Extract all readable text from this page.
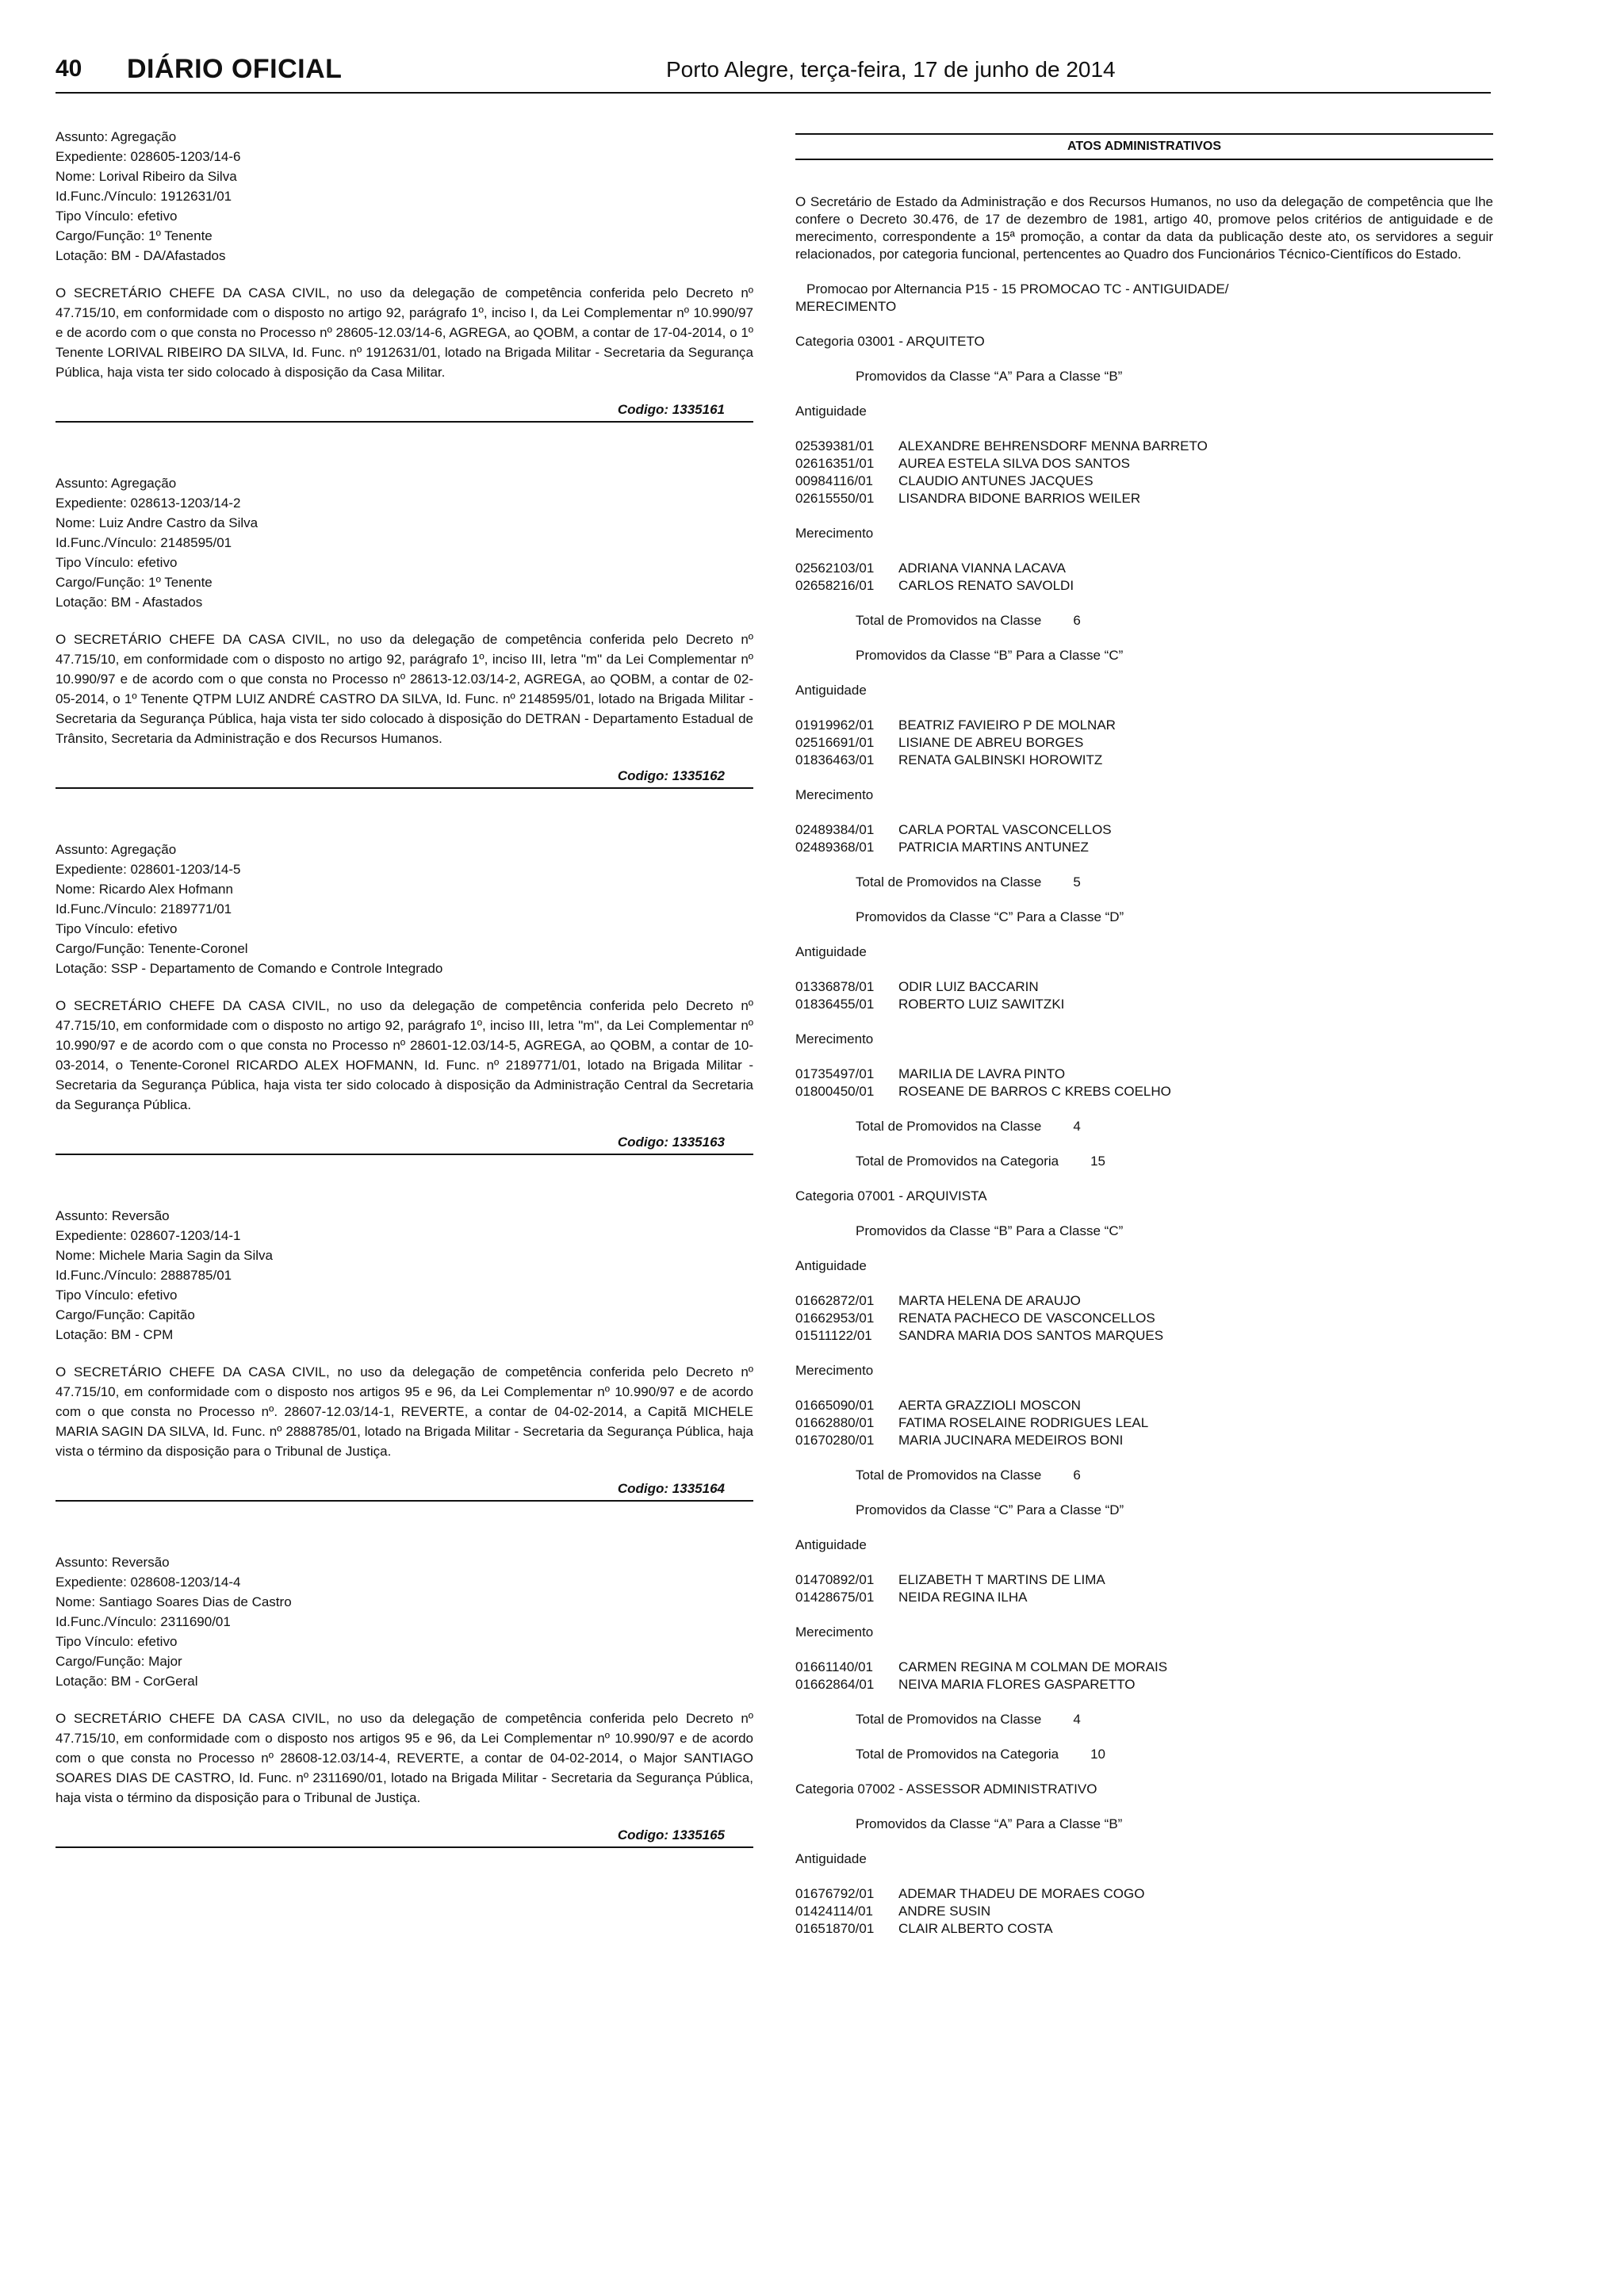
40 DIÁRIO OFICIAL	Porto Alegre, terça-feira, 17 de junho de 2014
Assunto: Agregação
Expediente: 028605-1203/14-6
Nome: Lorival Ribeiro da Silva
Id.Func./Vínculo: 1912631/01
Tipo Vínculo: efetivo
Cargo/Função: 1º Tenente
Lotação: BM - DA/Afastados
O SECRETÁRIO CHEFE DA CASA CIVIL, no uso da delegação de competência conferida pelo Decreto nº 47.715/10, em conformidade com o disposto no artigo 92, parágrafo 1º, inciso I, da Lei Complementar nº 10.990/97 e de acordo com o que consta no Processo nº 28605-12.03/14-6, AGREGA, ao QOBM, a contar de 17-04-2014, o 1º Tenente LORIVAL RIBEIRO DA SILVA, Id. Func. nº 1912631/01, lotado na Brigada Militar - Secretaria da Segurança Pública, haja vista ter sido colocado à disposição da Casa Militar.
Codigo: 1335161
Assunto: Agregação
Expediente: 028613-1203/14-2
Nome: Luiz Andre Castro da Silva
Id.Func./Vínculo: 2148595/01
Tipo Vínculo: efetivo
Cargo/Função: 1º Tenente
Lotação: BM - Afastados
O SECRETÁRIO CHEFE DA CASA CIVIL, no uso da delegação de competência conferida pelo Decreto nº 47.715/10, em conformidade com o disposto no artigo 92, parágrafo 1º, inciso III, letra "m" da Lei Complementar nº 10.990/97 e de acordo com o que consta no Processo nº 28613-12.03/14-2, AGREGA, ao QOBM, a contar de 02-05-2014, o 1º Tenente QTPM LUIZ ANDRÉ CASTRO DA SILVA, Id. Func. nº 2148595/01, lotado na Brigada Militar - Secretaria da Segurança Pública, haja vista ter sido colocado à disposição do DETRAN - Departamento Estadual de Trânsito, Secretaria da Administração e dos Recursos Humanos.
Codigo: 1335162
Assunto: Agregação
Expediente: 028601-1203/14-5
Nome: Ricardo Alex Hofmann
Id.Func./Vínculo: 2189771/01
Tipo Vínculo: efetivo
Cargo/Função: Tenente-Coronel
Lotação: SSP - Departamento de Comando e Controle Integrado
O SECRETÁRIO CHEFE DA CASA CIVIL, no uso da delegação de competência conferida pelo Decreto nº 47.715/10, em conformidade com o disposto no artigo 92, parágrafo 1º, inciso III, letra "m", da Lei Complementar nº 10.990/97 e de acordo com o que consta no Processo nº 28601-12.03/14-5, AGREGA, ao QOBM, a contar de 10-03-2014, o Tenente-Coronel RICARDO ALEX HOFMANN, Id. Func. nº 2189771/01, lotado na Brigada Militar - Secretaria da Segurança Pública, haja vista ter sido colocado à disposição da Administração Central da Secretaria da Segurança Pública.
Codigo: 1335163
Assunto: Reversão
Expediente: 028607-1203/14-1
Nome: Michele Maria Sagin da Silva
Id.Func./Vínculo: 2888785/01
Tipo Vínculo: efetivo
Cargo/Função: Capitão
Lotação: BM - CPM
O SECRETÁRIO CHEFE DA CASA CIVIL, no uso da delegação de competência conferida pelo Decreto nº 47.715/10, em conformidade com o disposto nos artigos 95 e 96, da Lei Complementar nº 10.990/97 e de acordo com o que consta no Processo nº. 28607-12.03/14-1, REVERTE, a contar de 04-02-2014, a Capitã MICHELE MARIA SAGIN DA SILVA, Id. Func. nº 2888785/01, lotado na Brigada Militar - Secretaria da Segurança Pública, haja vista o término da disposição para o Tribunal de Justiça.
Codigo: 1335164
Assunto: Reversão
Expediente: 028608-1203/14-4
Nome: Santiago Soares Dias de Castro
Id.Func./Vínculo: 2311690/01
Tipo Vínculo: efetivo
Cargo/Função: Major
Lotação: BM - CorGeral
O SECRETÁRIO CHEFE DA CASA CIVIL, no uso da delegação de competência conferida pelo Decreto nº 47.715/10, em conformidade com o disposto nos artigos 95 e 96, da Lei Complementar nº 10.990/97 e de acordo com o que consta no Processo nº 28608-12.03/14-4, REVERTE, a contar de 04-02-2014, o Major SANTIAGO SOARES DIAS DE CASTRO, Id. Func. nº 2311690/01, lotado na Brigada Militar - Secretaria da Segurança Pública, haja vista o término da disposição para o Tribunal de Justiça.
Codigo: 1335165
ATOS ADMINISTRATIVOS
O Secretário de Estado da Administração e dos Recursos Humanos, no uso da delegação de competência que lhe confere o Decreto 30.476, de 17 de dezembro de 1981, artigo 40, promove pelos critérios de antiguidade e de merecimento, correspondente a 15ª promoção, a contar da data da publicação deste ato, os servidores a seguir relacionados, por categoria funcional, pertencentes ao Quadro dos Funcionários Técnico-Científicos do Estado.
Promocao por Alternancia P15 - 15 PROMOCAO TC - ANTIGUIDADE/
MERECIMENTO
Categoria 03001 - ARQUITETO
Promovidos da Classe “A” Para a Classe “B”
Antiguidade
02539381/01 ALEXANDRE BEHRENSDORF MENNA BARRETO
02616351/01 AUREA ESTELA SILVA DOS SANTOS
00984116/01 CLAUDIO ANTUNES JACQUES
02615550/01 LISANDRA BIDONE BARRIOS WEILER
Merecimento
02562103/01 ADRIANA VIANNA LACAVA
02658216/01 CARLOS RENATO SAVOLDI
Total de Promovidos na Classe 6
Promovidos da Classe “B” Para a Classe “C”
Antiguidade
01919962/01 BEATRIZ FAVIEIRO P DE MOLNAR
02516691/01 LISIANE DE ABREU BORGES
01836463/01 RENATA GALBINSKI HOROWITZ
Merecimento
02489384/01 CARLA PORTAL VASCONCELLOS
02489368/01 PATRICIA MARTINS ANTUNEZ
Total de Promovidos na Classe 5
Promovidos da Classe “C” Para a Classe “D”
Antiguidade
01336878/01 ODIR LUIZ BACCARIN
01836455/01 ROBERTO LUIZ SAWITZKI
Merecimento
01735497/01 MARILIA DE LAVRA PINTO
01800450/01 ROSEANE DE BARROS C KREBS COELHO
Total de Promovidos na Classe 4
Total de Promovidos na Categoria 15
Categoria 07001 - ARQUIVISTA
Promovidos da Classe “B” Para a Classe “C”
Antiguidade
01662872/01 MARTA HELENA DE ARAUJO
01662953/01 RENATA PACHECO DE VASCONCELLOS
01511122/01 SANDRA MARIA DOS SANTOS MARQUES
Merecimento
01665090/01 AERTA GRAZZIOLI MOSCON
01662880/01 FATIMA ROSELAINE RODRIGUES LEAL
01670280/01 MARIA JUCINARA MEDEIROS BONI
Total de Promovidos na Classe 6
Promovidos da Classe “C” Para a Classe “D”
Antiguidade
01470892/01 ELIZABETH T MARTINS DE LIMA
01428675/01 NEIDA REGINA ILHA
Merecimento
01661140/01 CARMEN REGINA M COLMAN DE MORAIS
01662864/01 NEIVA MARIA FLORES GASPARETTO
Total de Promovidos na Classe 4
Total de Promovidos na Categoria 10
Categoria 07002 - ASSESSOR ADMINISTRATIVO
Promovidos da Classe “A” Para a Classe “B”
Antiguidade
01676792/01 ADEMAR THADEU DE MORAES COGO
01424114/01 ANDRE SUSIN
01651870/01 CLAIR ALBERTO COSTA
